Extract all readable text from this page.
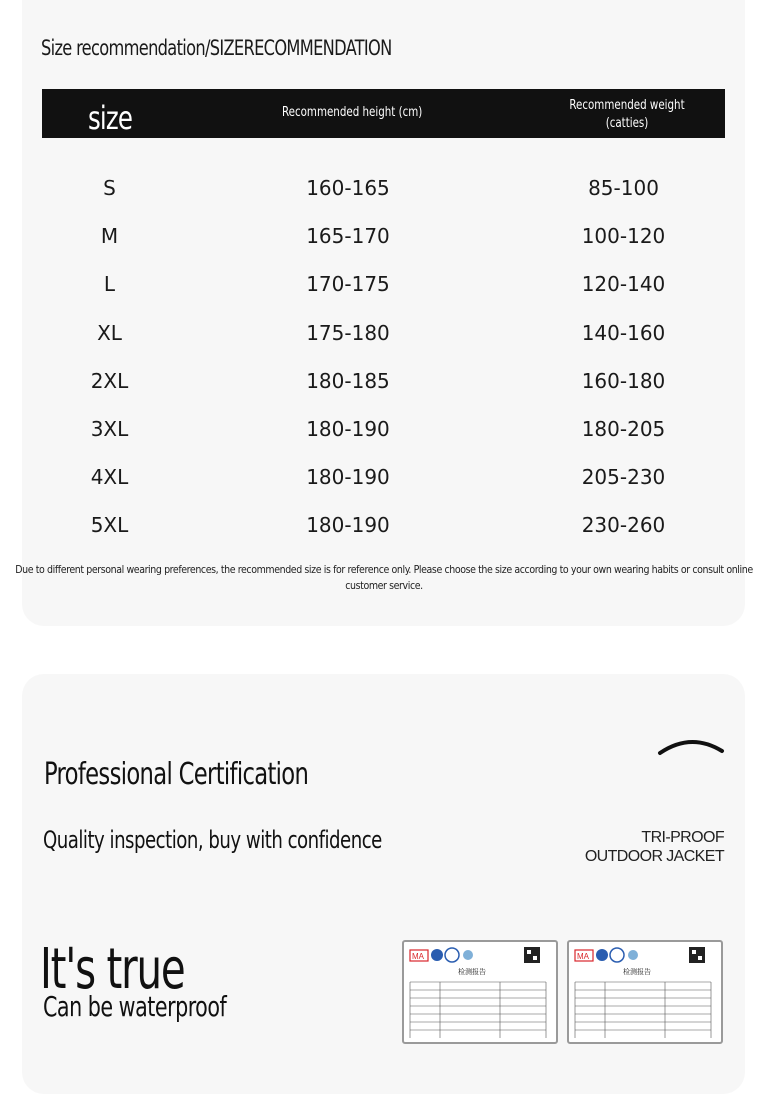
Size recommendation/SIZERECOMMENDATION
size	Recommended height (cm)	Recommended weight
(catties)
S	160-165	85-100
M	165-170	100-120
L	170-175	120-140
XL	175-180	140-160
2XL	180-185	160-180
3XL	180-190	180-205
4XL	180-190	205-230
5XL	180-190	230-260
Due to different personal wearing preferences, the recommended size is for reference only. Please choose the size according to your own wearing habits or consult online customer service.
Professional Certification
Quality inspection, buy with confidence	TRI-PROOF
OUTDOOR JACKET
It's true
Can be waterproof
MA
检测报告
MA
检测报告
